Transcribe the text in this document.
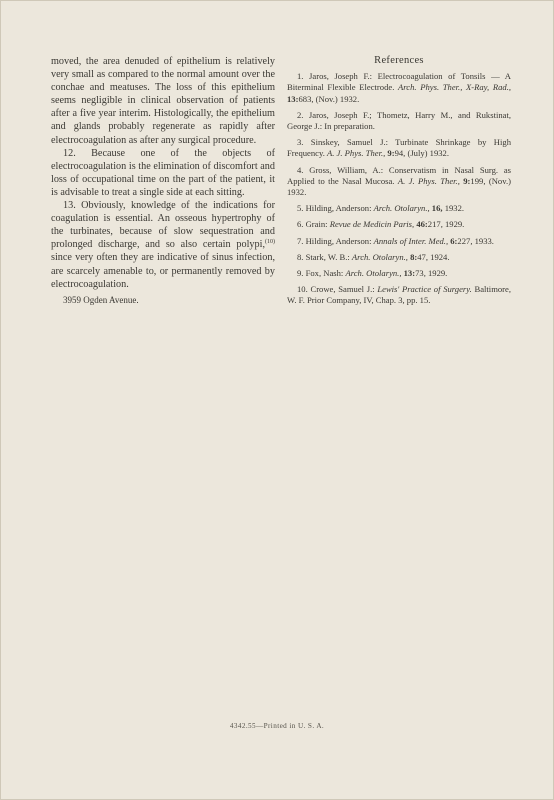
moved, the area denuded of epithelium is relatively very small as compared to the normal amount over the conchae and meatuses. The loss of this epithelium seems negligible in clinical observation of patients after a five year interim. Histologically, the epithelium and glands probably regenerate as rapidly after electrocoagulation as after any surgical procedure.

12. Because one of the objects of electrocoagulation is the elimination of discomfort and loss of occupational time on the part of the patient, it is advisable to treat a single side at each sitting.

13. Obviously, knowledge of the indications for coagulation is essential. An osseous hypertrophy of the turbinates, because of slow sequestration and prolonged discharge, and so also certain polypi,$^{(10)}$ since very often they are indicative of sinus infection, are scarcely amenable to, or permanently removed by electrocoagulation.

3959 Ogden Avenue.

References

1. Jaros, Joseph F.: Electrocoagulation of Tonsils — A Biterminal Flexible Electrode. Arch. Phys. Ther., X-Ray, Rad., 13:683, (Nov.) 1932.

2. Jaros, Joseph F.; Thometz, Harry M., and Rukstinat, George J.: In preparation.

3. Sinskey, Samuel J.: Turbinate Shrinkage by High Frequency. A. J. Phys. Ther., 9:94, (July) 1932.

4. Gross, William, A.: Conservatism in Nasal Surg. as Applied to the Nasal Mucosa. A. J. Phys. Ther., 9:199, (Nov.) 1932.

5. Hilding, Anderson: Arch. Otolaryn., 16, 1932.

6. Grain: Revue de Medicin Paris, 46:217, 1929.

7. Hilding, Anderson: Annals of Inter. Med., 6:227, 1933.

8. Stark, W. B.: Arch. Otolaryn., 8:47, 1924.

9. Fox, Nash: Arch. Otolaryn., 13:73, 1929.

10. Crowe, Samuel J.: Lewis' Practice of Surgery. Baltimore, W. F. Prior Company, IV, Chap. 3, pp. 15.

4342.55—Printed in U. S. A.
